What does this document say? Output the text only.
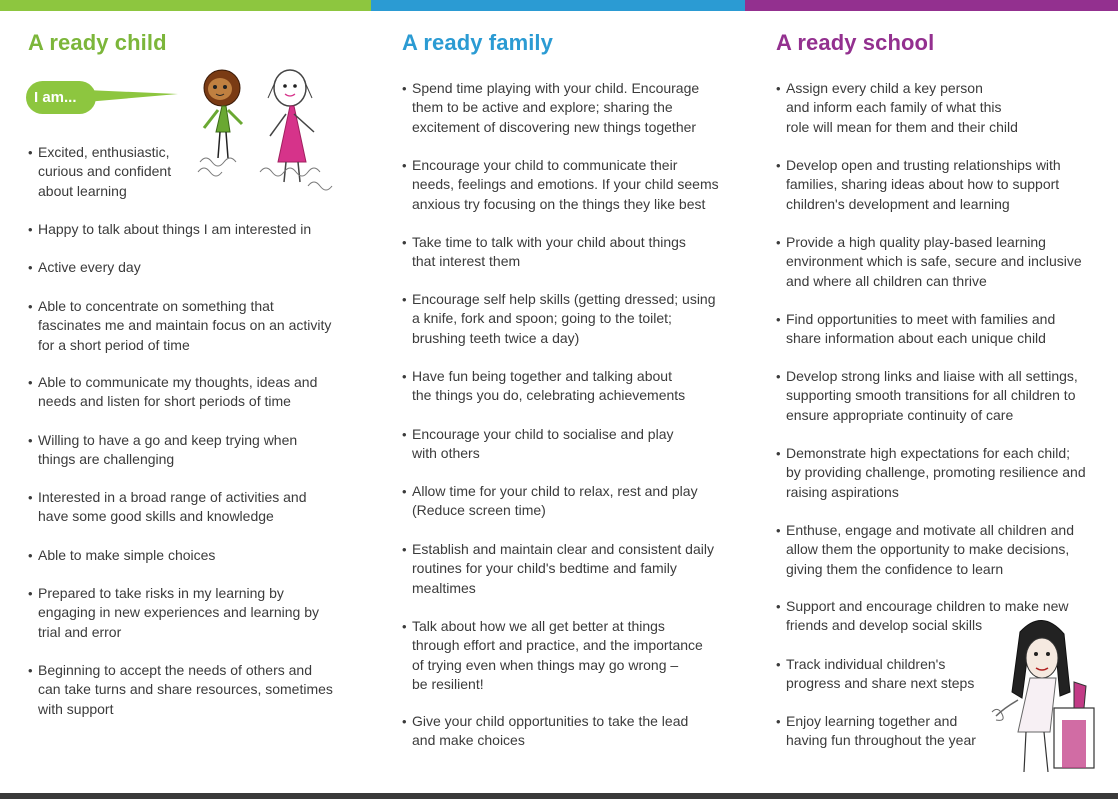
A ready child
I am...
• Excited, enthusiastic,
curious and confident
about learning
• Happy to talk about things I am interested in
• Active every day
• Able to concentrate on something that
fascinates me and maintain focus on an activity
for a short period of time
• Able to communicate my thoughts, ideas and
needs and listen for short periods of time
• Willing to have a go and keep trying when
things are challenging
• Interested in a broad range of activities and
have some good skills and knowledge
• Able to make simple choices
• Prepared to take risks in my learning by
engaging in new experiences and learning by
trial and error
• Beginning to accept the needs of others and
can take turns and share resources, sometimes
with support
A ready family
• Spend time playing with your child. Encourage
them to be active and explore; sharing the
excitement of discovering new things together
• Encourage your child to communicate their
needs, feelings and emotions. If your child seems
anxious try focusing on the things they like best
• Take time to talk with your child about things
that interest them
• Encourage self help skills (getting dressed; using
a knife, fork and spoon; going to the toilet;
brushing teeth twice a day)
• Have fun being together and talking about
the things you do, celebrating achievements
• Encourage your child to socialise and play
with others
• Allow time for your child to relax, rest and play
(Reduce screen time)
• Establish and maintain clear and consistent daily
routines for your child's bedtime and family
mealtimes
• Talk about how we all get better at things
through effort and practice, and the importance
of trying even when things may go wrong –
be resilient!
• Give your child opportunities to take the lead
and make choices
A ready school
• Assign every child a key person
and inform each family of what this
role will mean for them and their child
• Develop open and trusting relationships with
families, sharing ideas about how to support
children's development and learning
• Provide a high quality play-based learning
environment which is safe, secure and inclusive
and where all children can thrive
• Find opportunities to meet with families and
share information about each unique child
• Develop strong links and liaise with all settings,
supporting smooth transitions for all children to
ensure appropriate continuity of care
• Demonstrate high expectations for each child;
by providing challenge, promoting resilience and
raising aspirations
• Enthuse, engage and motivate all children and
allow them the opportunity to make decisions,
giving them the confidence to learn
• Support and encourage children to make new
friends and develop social skills
• Track individual children's
progress and share next steps
• Enjoy learning together and
having fun throughout the year
